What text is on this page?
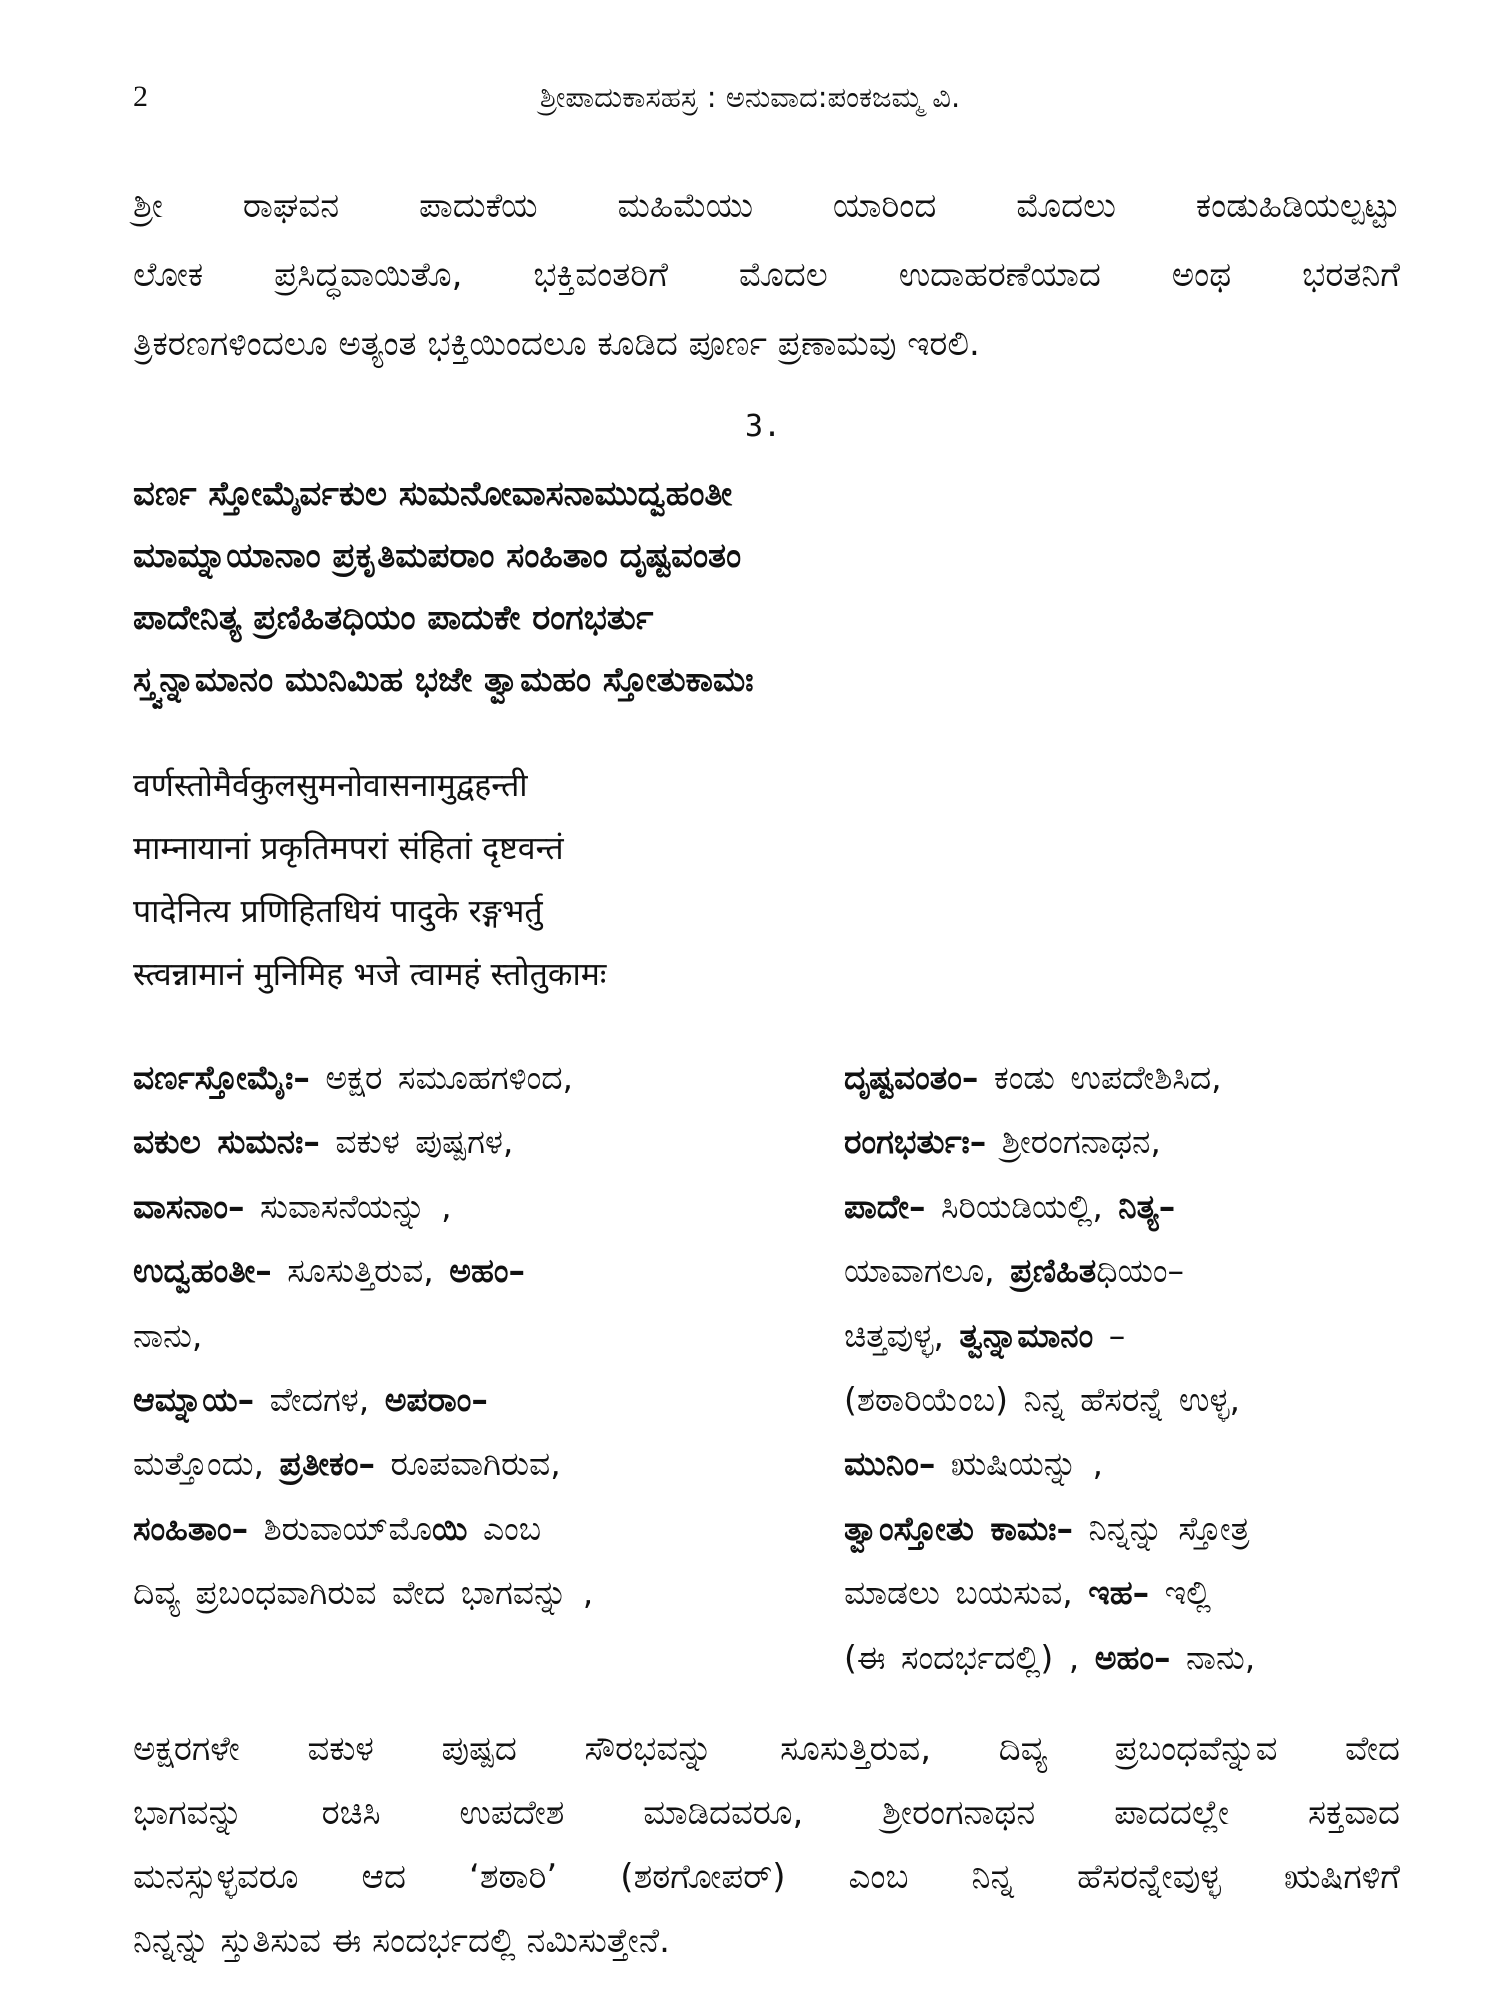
2	ಶ್ರೀಪಾದುಕಾಸಹಸ್ರ : ಅನುವಾದ:ಪಂಕಜಮ್ಮ ವಿ.
ಶ್ರೀ ರಾಘವನ ಪಾದುಕೆಯ ಮಹಿಮೆಯು ಯಾರಿಂದ ಮೊದಲು ಕಂಡುಹಿಡಿಯಲ್ಪಟ್ಟು
ಲೋಕ ಪ್ರಸಿದ್ಧವಾಯಿತೊ, ಭಕ್ತಿವಂತರಿಗೆ ಮೊದಲ ಉದಾಹರಣೆಯಾದ ಅಂಥ ಭರತನಿಗೆ
ತ್ರಿಕರಣಗಳಿಂದಲೂ ಅತ್ಯಂತ ಭಕ್ತಿಯಿಂದಲೂ ಕೂಡಿದ ಪೂರ್ಣ ಪ್ರಣಾಮವು ಇರಲಿ.
3.
ವರ್ಣ ಸ್ತೋಮೈರ್ವಕುಲ ಸುಮನೋವಾಸನಾಮುದ್ವಹಂತೀ
ಮಾಮ್ನಾಯಾನಾಂ ಪ್ರಕೃತಿಮಪರಾಂ ಸಂಹಿತಾಂ ದೃಷ್ಟವಂತಂ
ಪಾದೇನಿತ್ಯ ಪ್ರಣಿಹಿತಧಿಯಂ ಪಾದುಕೇ ರಂಗಭರ್ತು
ಸ್ತ್ವನ್ನಾಮಾನಂ ಮುನಿಮಿಹ ಭಜೇ ತ್ವಾಮಹಂ ಸ್ತೋತುಕಾಮಃ
वर्णस्तोमैर्वकुलसुमनोवासनामुद्वहन्ती
माम्नायानां प्रकृतिमपरां संहितां दृष्टवन्तं
पादेनित्य प्रणिहितधियं पादुके रङ्गभर्तु
स्त्वन्नामानं मुनिमिह भजे त्वामहं स्तोतुकामः
ವರ್ಣಸ್ತೋಮೈಃ– ಅಕ್ಷರ ಸಮೂಹಗಳಿಂದ,
ವಕುಲ ಸುಮನಃ– ವಕುಳ ಪುಷ್ಪಗಳ,
ವಾಸನಾಂ– ಸುವಾಸನೆಯನ್ನು ,
ಉದ್ವಹಂತೀ– ಸೂಸುತ್ತಿರುವ, ಅಹಂ–
ನಾನು,
ಆಮ್ನಾಯ– ವೇದಗಳ, ಅಪರಾಂ–
ಮತ್ತೊಂದು, ಪ್ರತೀಕಂ– ರೂಪವಾಗಿರುವ,
ಸಂಹಿತಾಂ– ಶಿರುವಾಯ್‌ಮೊಯಿ ಎಂಬ
ದಿವ್ಯ ಪ್ರಬಂಧವಾಗಿರುವ ವೇದ ಭಾಗವನ್ನು ,
ದೃಷ್ಟವಂತಂ– ಕಂಡು ಉಪದೇಶಿಸಿದ,
ರಂಗಭರ್ತುಃ– ಶ್ರೀರಂಗನಾಥನ,
ಪಾದೇ– ಸಿರಿಯಡಿಯಲ್ಲಿ, ನಿತ್ಯ–
ಯಾವಾಗಲೂ, ಪ್ರಣಿಹಿತಧಿಯಂ–
ಚಿತ್ತವುಳ್ಳ, ತ್ವನ್ನಾಮಾನಂ –
(ಶಠಾರಿಯೆಂಬ) ನಿನ್ನ ಹೆಸರನ್ನೆ ಉಳ್ಳ,
ಮುನಿಂ– ಋಷಿಯನ್ನು ,
ತ್ವಾಂಸ್ತೋತು ಕಾಮಃ– ನಿನ್ನನ್ನು ಸ್ತೋತ್ರ
ಮಾಡಲು ಬಯಸುವ, ಇಹ– ಇಲ್ಲಿ
(ಈ ಸಂದರ್ಭದಲ್ಲಿ) , ಅಹಂ– ನಾನು,
ಅಕ್ಷರಗಳೇ ವಕುಳ ಪುಷ್ಪದ ಸೌರಭವನ್ನು ಸೂಸುತ್ತಿರುವ, ದಿವ್ಯ ಪ್ರಬಂಧವೆನ್ನುವ ವೇದ
ಭಾಗವನ್ನು ರಚಿಸಿ ಉಪದೇಶ ಮಾಡಿದವರೂ, ಶ್ರೀರಂಗನಾಥನ ಪಾದದಲ್ಲೇ ಸಕ್ತವಾದ
ಮನಸ್ಸುಳ್ಳವರೂ ಆದ ‘ಶಠಾರಿ’ (ಶಠಗೋಪರ್) ಎಂಬ ನಿನ್ನ ಹೆಸರನ್ನೇವುಳ್ಳ ಋಷಿಗಳಿಗೆ
ನಿನ್ನನ್ನು ಸ್ತುತಿಸುವ ಈ ಸಂದರ್ಭದಲ್ಲಿ ನಮಿಸುತ್ತೇನೆ.
